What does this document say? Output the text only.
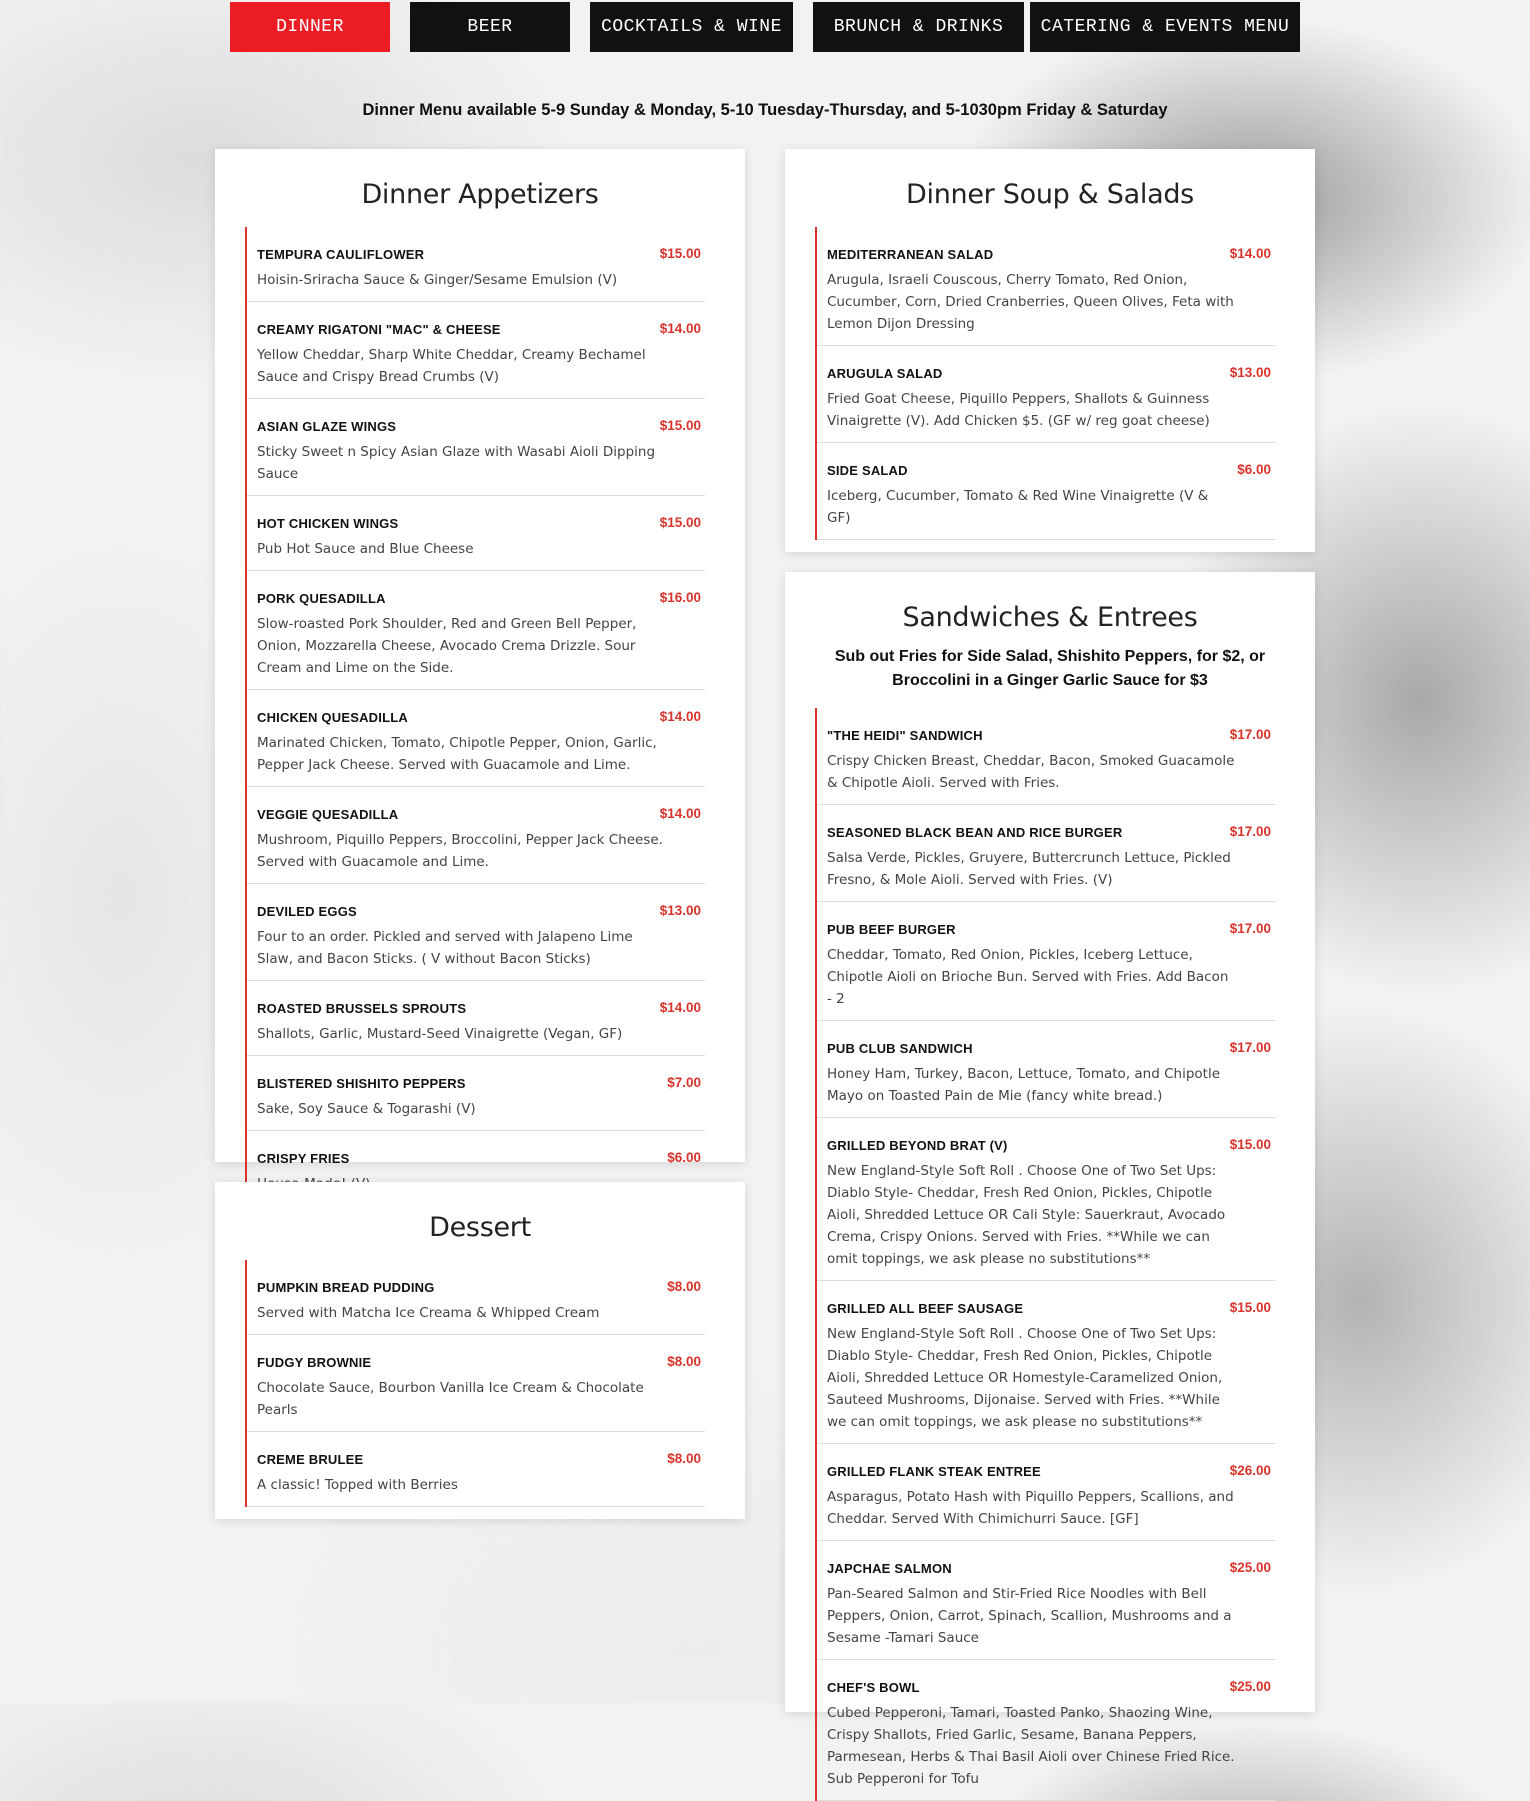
DINNER	BEER	COCKTAILS & WINE	BRUNCH & DRINKS	CATERING & EVENTS MENU
Dinner Menu available 5-9 Sunday & Monday, 5-10 Tuesday-Thursday, and 5-1030pm Friday & Saturday
Dinner Appetizers
TEMPURA CAULIFLOWER	$15.00
Hoisin-Sriracha Sauce & Ginger/Sesame Emulsion (V)
CREAMY RIGATONI "MAC" & CHEESE	$14.00
Yellow Cheddar, Sharp White Cheddar, Creamy Bechamel Sauce and Crispy Bread Crumbs (V)
ASIAN GLAZE WINGS	$15.00
Sticky Sweet n Spicy Asian Glaze with Wasabi Aioli Dipping Sauce
HOT CHICKEN WINGS	$15.00
Pub Hot Sauce and Blue Cheese
PORK QUESADILLA	$16.00
Slow-roasted Pork Shoulder, Red and Green Bell Pepper, Onion, Mozzarella Cheese, Avocado Crema Drizzle. Sour Cream and Lime on the Side.
CHICKEN QUESADILLA	$14.00
Marinated Chicken, Tomato, Chipotle Pepper, Onion, Garlic, Pepper Jack Cheese. Served with Guacamole and Lime.
VEGGIE QUESADILLA	$14.00
Mushroom, Piquillo Peppers, Broccolini, Pepper Jack Cheese. Served with Guacamole and Lime.
DEVILED EGGS	$13.00
Four to an order. Pickled and served with Jalapeno Lime Slaw, and Bacon Sticks. ( V without Bacon Sticks)
ROASTED BRUSSELS SPROUTS	$14.00
Shallots, Garlic, Mustard-Seed Vinaigrette (Vegan, GF)
BLISTERED SHISHITO PEPPERS	$7.00
Sake, Soy Sauce & Togarashi (V)
CRISPY FRIES	$6.00
Dessert
PUMPKIN BREAD PUDDING	$8.00
Served with Matcha Ice Creama & Whipped Cream
FUDGY BROWNIE	$8.00
Chocolate Sauce, Bourbon Vanilla Ice Cream & Chocolate Pearls
CREME BRULEE	$8.00
A classic! Topped with Berries
Dinner Soup & Salads
MEDITERRANEAN SALAD	$14.00
Arugula, Israeli Couscous, Cherry Tomato, Red Onion, Cucumber, Corn, Dried Cranberries, Queen Olives, Feta with Lemon Dijon Dressing
ARUGULA SALAD	$13.00
Fried Goat Cheese, Piquillo Peppers, Shallots & Guinness Vinaigrette (V). Add Chicken $5. (GF w/ reg goat cheese)
SIDE SALAD	$6.00
Iceberg, Cucumber, Tomato & Red Wine Vinaigrette (V & GF)
Sandwiches & Entrees
Sub out Fries for Side Salad, Shishito Peppers, for $2, or Broccolini in a Ginger Garlic Sauce for $3
"THE HEIDI" SANDWICH	$17.00
Crispy Chicken Breast, Cheddar, Bacon, Smoked Guacamole & Chipotle Aioli. Served with Fries.
SEASONED BLACK BEAN AND RICE BURGER	$17.00
Salsa Verde, Pickles, Gruyere, Buttercrunch Lettuce, Pickled Fresno, & Mole Aioli. Served with Fries. (V)
PUB BEEF BURGER	$17.00
Cheddar, Tomato, Red Onion, Pickles, Iceberg Lettuce, Chipotle Aioli on Brioche Bun. Served with Fries. Add Bacon - 2
PUB CLUB SANDWICH	$17.00
Honey Ham, Turkey, Bacon, Lettuce, Tomato, and Chipotle Mayo on Toasted Pain de Mie (fancy white bread.)
GRILLED BEYOND BRAT (V)	$15.00
New England-Style Soft Roll . Choose One of Two Set Ups: Diablo Style- Cheddar, Fresh Red Onion, Pickles, Chipotle Aioli, Shredded Lettuce OR Cali Style: Sauerkraut, Avocado Crema, Crispy Onions. Served with Fries. **While we can omit toppings, we ask please no substitutions**
GRILLED ALL BEEF SAUSAGE	$15.00
New England-Style Soft Roll . Choose One of Two Set Ups: Diablo Style- Cheddar, Fresh Red Onion, Pickles, Chipotle Aioli, Shredded Lettuce OR Homestyle-Caramelized Onion, Sauteed Mushrooms, Dijonaise. Served with Fries. **While we can omit toppings, we ask please no substitutions**
GRILLED FLANK STEAK ENTREE	$26.00
Asparagus, Potato Hash with Piquillo Peppers, Scallions, and Cheddar. Served With Chimichurri Sauce. [GF]
JAPCHAE SALMON	$25.00
Pan-Seared Salmon and Stir-Fried Rice Noodles with Bell Peppers, Onion, Carrot, Spinach, Scallion, Mushrooms and a Sesame -Tamari Sauce
CHEF'S BOWL	$25.00
Cubed Pepperoni, Tamari, Toasted Panko, Shaozing Wine, Crispy Shallots, Fried Garlic, Sesame, Banana Peppers, Parmesean, Herbs & Thai Basil Aioli over Chinese Fried Rice. Sub Pepperoni for Tofu
